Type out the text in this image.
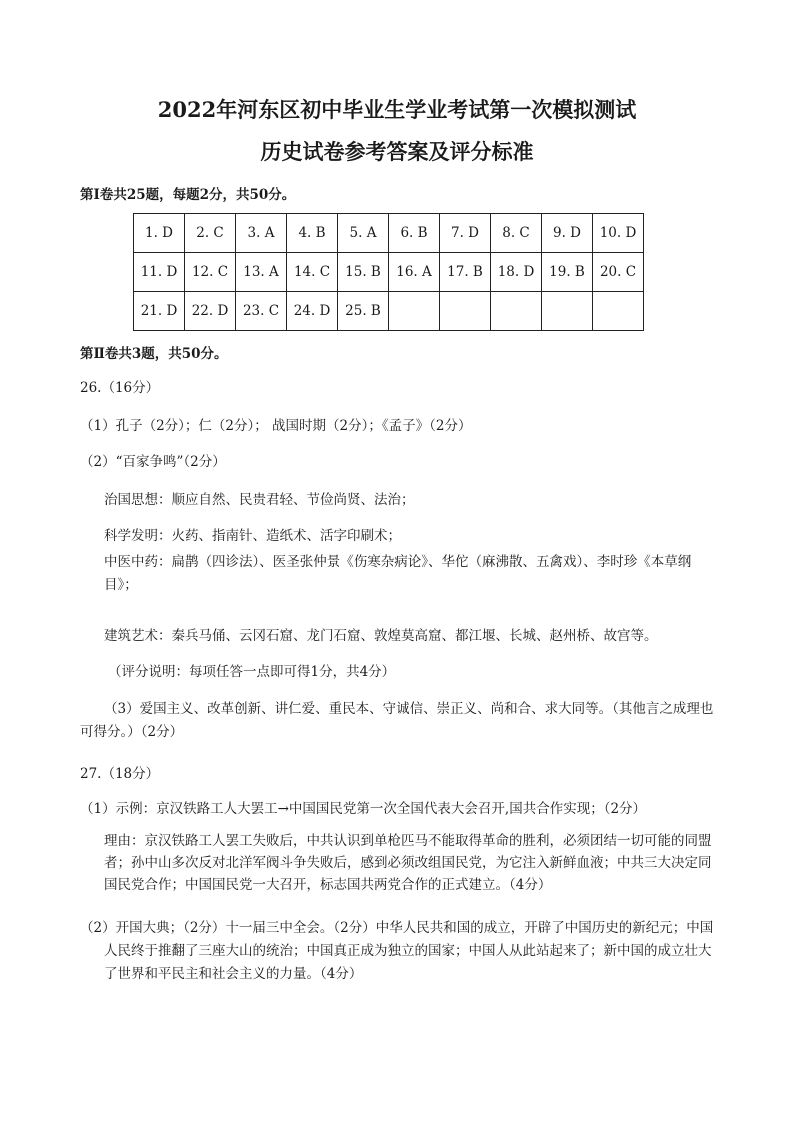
2022年河东区初中毕业生学业考试第一次模拟测试
历史试卷参考答案及评分标准
第Ⅰ卷共25题，每题2分，共50分。
1. D	2. C	3. A	4. B	5. A	6. B	7. D	8. C	9. D	10. D
11. D	12. C	13. A	14. C	15. B	16. A	17. B	18. D	19. B	20. C
21. D	22. D	23. C	24. D	25. B					
第Ⅱ卷共3题，共50分。
26.（16分）
（1）孔子（2分）；仁（2分）； 战国时期（2分）；《孟子》（2分）
（2）“百家争鸣”（2分）
治国思想：顺应自然、民贵君轻、节俭尚贤、法治；
科学发明：火药、指南针、造纸术、活字印刷术；
中医中药：扁鹊（四诊法）、医圣张仲景《伤寒杂病论》、华佗（麻沸散、五禽戏）、李时珍《本草纲目》；
建筑艺术：秦兵马俑、云冈石窟、龙门石窟、敦煌莫高窟、都江堰、长城、赵州桥、故宫等。
（评分说明：每项任答一点即可得1分，共4分）
（3）爱国主义、改革创新、讲仁爱、重民本、守诚信、崇正义、尚和合、求大同等。（其他言之成理也可得分。）（2分）
27.（18分）
（1）示例：京汉铁路工人大罢工→中国国民党第一次全国代表大会召开,国共合作实现；（2分）
理由：京汉铁路工人罢工失败后，中共认识到单枪匹马不能取得革命的胜利，必须团结一切可能的同盟者；孙中山多次反对北洋军阀斗争失败后，感到必须改组国民党，为它注入新鲜血液；中共三大决定同国民党合作；中国国民党一大召开，标志国共两党合作的正式建立。（4分）
（2）开国大典；（2分）十一届三中全会。（2分）中华人民共和国的成立，开辟了中国历史的新纪元；中国人民终于推翻了三座大山的统治；中国真正成为独立的国家；中国人从此站起来了；新中国的成立壮大了世界和平民主和社会主义的力量。（4分）
